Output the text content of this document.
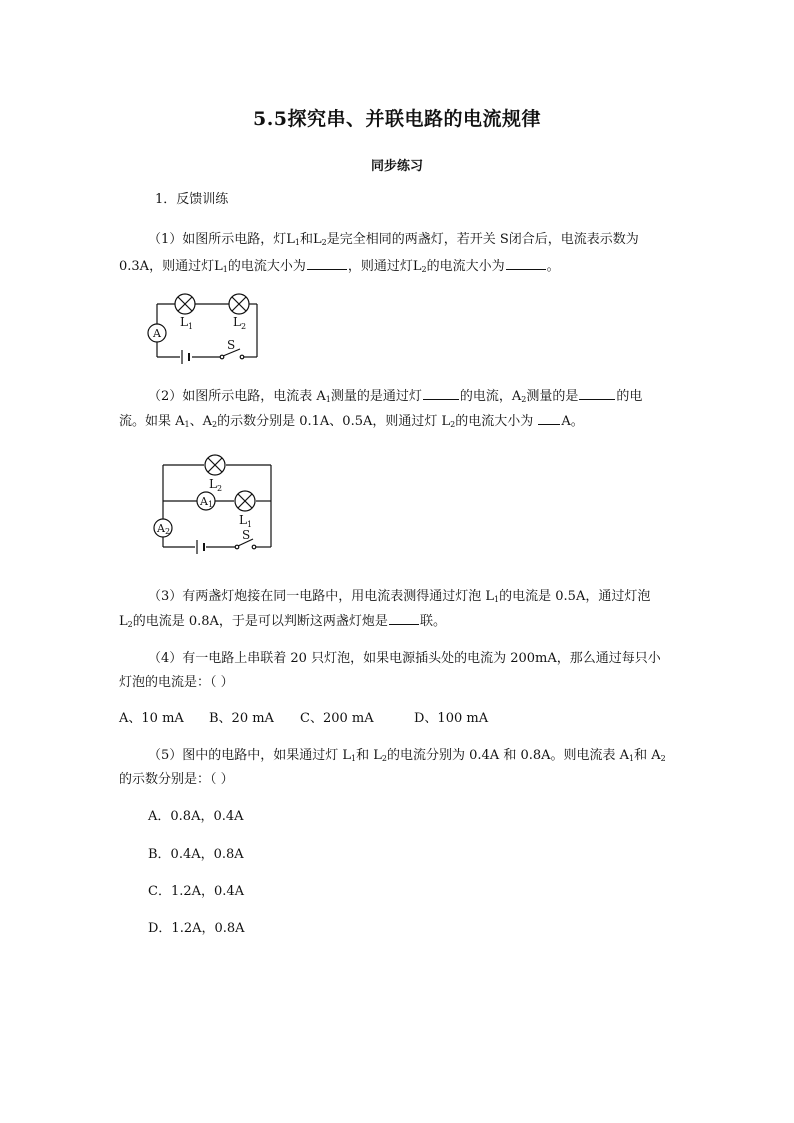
5.5探究串、并联电路的电流规律
同步练习
1．反馈训练
（1）如图所示电路，灯$L_1$和$L_2$是完全相同的两盏灯，若开关 S闭合后，电流表示数为
0.3A，则通过灯$L_1$的电流大小为	，则通过灯$L_2$的电流大小为	。
A
L 1	L 2
S
（2）如图所示电路，电流表 $A_1$测量的是通过灯	的电流，$A_2$测量的是	的电
流。如果 $A_1$、$A_2$的示数分别是 0.1A、0.5A，则通过灯 $L_2$的电流大小为 A。
A 1
A 2
L 2
L 1
S
（3）有两盏灯炮接在同一电路中，用电流表测得通过灯泡 $L_1$的电流是 0.5A，通过灯泡
$L_2$的电流是 0.8A，于是可以判断这两盏灯炮是 联。
（4）有一电路上串联着 20 只灯泡，如果电源插头处的电流为 200mA，那么通过每只小
灯泡的电流是：（ ）
A、10 mA B、20 mA C、200 mA	D、100 mA
（5）图中的电路中，如果通过灯 $L_1$和 $L_2$的电流分别为 0.4A 和 0.8A。则电流表 $A_1$和 $A_2$
的示数分别是：（ ）
A．0.8A，0.4A
B．0.4A，0.8A
C．1.2A，0.4A
D．1.2A，0.8A
